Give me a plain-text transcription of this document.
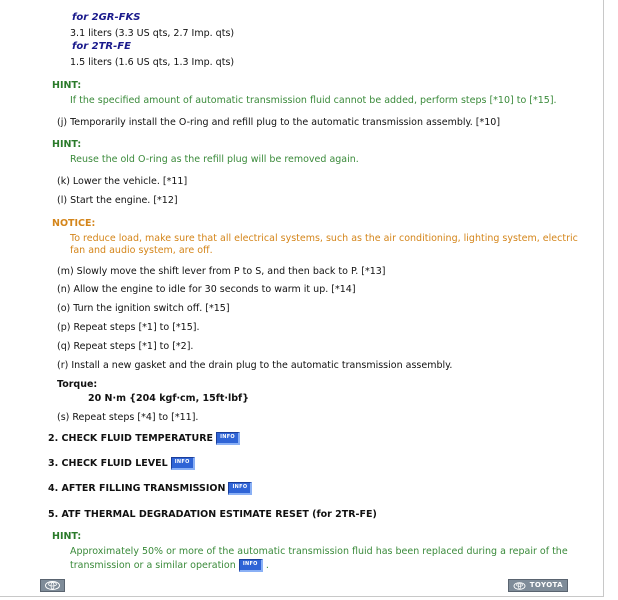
for 2GR-FKS
3.1 liters (3.3 US qts, 2.7 Imp. qts)
for 2TR-FE
1.5 liters (1.6 US qts, 1.3 Imp. qts)
HINT:
If the specified amount of automatic transmission fluid cannot be added, perform steps [*10] to [*15].
(j) Temporarily install the O-ring and refill plug to the automatic transmission assembly. [*10]
HINT:
Reuse the old O-ring as the refill plug will be removed again.
(k) Lower the vehicle. [*11]
(l) Start the engine. [*12]
NOTICE:
To reduce load, make sure that all electrical systems, such as the air conditioning, lighting system, electric
fan and audio system, are off.
(m) Slowly move the shift lever from P to S, and then back to P. [*13]
(n) Allow the engine to idle for 30 seconds to warm it up. [*14]
(o) Turn the ignition switch off. [*15]
(p) Repeat steps [*1] to [*15].
(q) Repeat steps [*1] to [*2].
(r) Install a new gasket and the drain plug to the automatic transmission assembly.
Torque:
20 N·m {204 kgf·cm, 15ft·lbf}
(s) Repeat steps [*4] to [*11].
2. CHECK FLUID TEMPERATURE INFO
3. CHECK FLUID LEVEL INFO
4. AFTER FILLING TRANSMISSION INFO
5. ATF THERMAL DEGRADATION ESTIMATE RESET (for 2TR-FE)
HINT:
Approximately 50% or more of the automatic transmission fluid has been replaced during a repair of the
transmission or a similar operation INFO .
TOYOTA
